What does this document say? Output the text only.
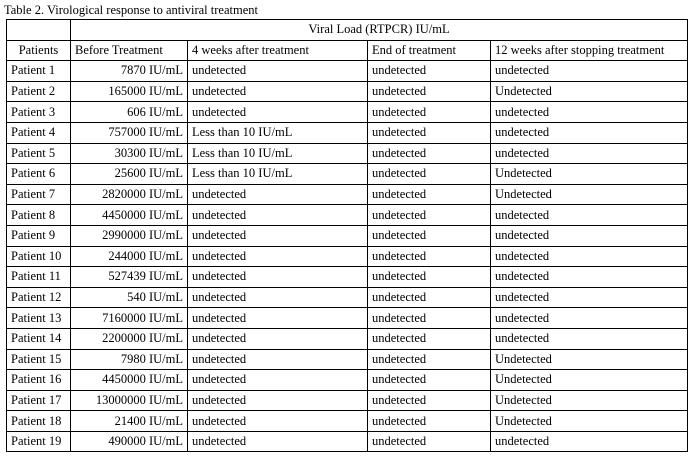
Table 2. Virological response to antiviral treatment
	Viral Load (RTPCR) IU/mL			
Patients	Before Treatment	4 weeks after treatment	End of treatment	12 weeks after stopping treatment
Patient 1	7870 IU/mL	undetected	undetected	undetected
Patient 2	165000 IU/mL	undetected	undetected	Undetected
Patient 3	606 IU/mL	undetected	undetected	undetected
Patient 4	757000 IU/mL	Less than 10 IU/mL	undetected	undetected
Patient 5	30300 IU/mL	Less than 10 IU/mL	undetected	undetected
Patient 6	25600 IU/mL	Less than 10 IU/mL	undetected	Undetected
Patient 7	2820000 IU/mL	undetected	undetected	Undetected
Patient 8	4450000 IU/mL	undetected	undetected	undetected
Patient 9	2990000 IU/mL	undetected	undetected	undetected
Patient 10	244000 IU/mL	undetected	undetected	undetected
Patient 11	527439 IU/mL	undetected	undetected	undetected
Patient 12	540 IU/mL	undetected	undetected	undetected
Patient 13	7160000 IU/mL	undetected	undetected	undetected
Patient 14	2200000 IU/mL	undetected	undetected	undetected
Patient 15	7980 IU/mL	undetected	undetected	Undetected
Patient 16	4450000 IU/mL	undetected	undetected	Undetected
Patient 17	13000000 IU/mL	undetected	undetected	Undetected
Patient 18	21400 IU/mL	undetected	undetected	Undetected
Patient 19	490000 IU/mL	undetected	undetected	undetected
